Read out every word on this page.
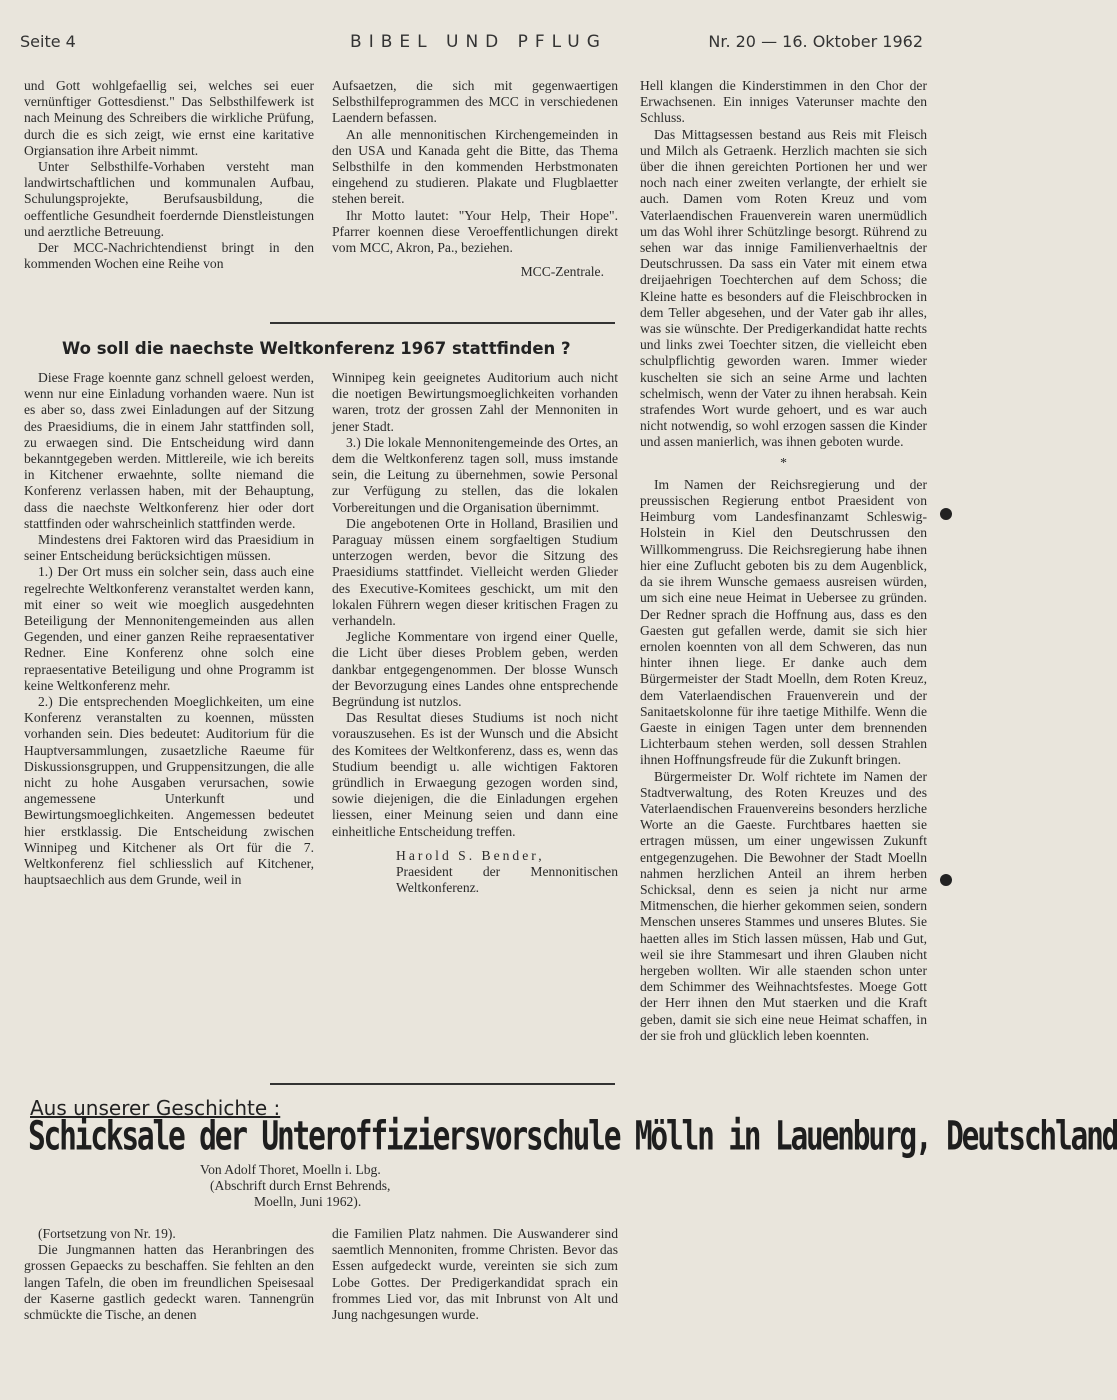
Seite 4	BIBEL UND PFLUG	Nr. 20 — 16. Oktober 1962

und Gott wohlgefaellig sei, welches sei euer vernünftiger Gottesdienst." Das Selbsthilfewerk ist nach Meinung des Schreibers die wirkliche Prüfung, durch die es sich zeigt, wie ernst eine karitative Orgiansation ihre Arbeit nimmt.

Unter Selbsthilfe-Vorhaben versteht man landwirtschaftlichen und kommunalen Aufbau, Schulungsprojekte, Berufsausbildung, die oeffentliche Gesundheit foerdernde Dienstleistungen und aerztliche Betreuung.

Der MCC-Nachrichtendienst bringt in den kommenden Wochen eine Reihe von

Aufsaetzen, die sich mit gegenwaertigen Selbsthilfeprogrammen des MCC in verschiedenen Laendern befassen.

An alle mennonitischen Kirchengemeinden in den USA und Kanada geht die Bitte, das Thema Selbsthilfe in den kommenden Herbstmonaten eingehend zu studieren. Plakate und Flugblaetter stehen bereit.

Ihr Motto lautet: "Your Help, Their Hope". Pfarrer koennen diese Veroeffentlichungen direkt vom MCC, Akron, Pa., beziehen.

MCC-Zentrale.

Wo soll die naechste Weltkonferenz 1967 stattfinden ?

Diese Frage koennte ganz schnell geloest werden, wenn nur eine Einladung vorhanden waere. Nun ist es aber so, dass zwei Einladungen auf der Sitzung des Praesidiums, die in einem Jahr stattfinden soll, zu erwaegen sind. Die Entscheidung wird dann bekanntgegeben werden. Mittlereile, wie ich bereits in Kitchener erwaehnte, sollte niemand die Konferenz verlassen haben, mit der Behauptung, dass die naechste Weltkonferenz hier oder dort stattfinden oder wahrscheinlich stattfinden werde.

Mindestens drei Faktoren wird das Praesidium in seiner Entscheidung berücksichtigen müssen.

1.) Der Ort muss ein solcher sein, dass auch eine regelrechte Weltkonferenz veranstaltet werden kann, mit einer so weit wie moeglich ausgedehnten Beteiligung der Mennonitengemeinden aus allen Gegenden, und einer ganzen Reihe repraesentativer Redner. Eine Konferenz ohne solch eine repraesentative Beteiligung und ohne Programm ist keine Weltkonferenz mehr.

2.) Die entsprechenden Moeglichkeiten, um eine Konferenz veranstalten zu koennen, müssten vorhanden sein. Dies bedeutet: Auditorium für die Hauptversammlungen, zusaetzliche Raeume für Diskussionsgruppen, und Gruppensitzungen, die alle nicht zu hohe Ausgaben verursachen, sowie angemessene Unterkunft und Bewirtungsmoeglichkeiten. Angemessen bedeutet hier erstklassig. Die Entscheidung zwischen Winnipeg und Kitchener als Ort für die 7. Weltkonferenz fiel schliesslich auf Kitchener, hauptsaechlich aus dem Grunde, weil in

Winnipeg kein geeignetes Auditorium auch nicht die noetigen Bewirtungsmoeglichkeiten vorhanden waren, trotz der grossen Zahl der Mennoniten in jener Stadt.

3.) Die lokale Mennonitengemeinde des Ortes, an dem die Weltkonferenz tagen soll, muss imstande sein, die Leitung zu übernehmen, sowie Personal zur Verfügung zu stellen, das die lokalen Vorbereitungen und die Organisation übernimmt.

Die angebotenen Orte in Holland, Brasilien und Paraguay müssen einem sorgfaeltigen Studium unterzogen werden, bevor die Sitzung des Praesidiums stattfindet. Vielleicht werden Glieder des Executive-Komitees geschickt, um mit den lokalen Führern wegen dieser kritischen Fragen zu verhandeln.

Jegliche Kommentare von irgend einer Quelle, die Licht über dieses Problem geben, werden dankbar entgegengenommen. Der blosse Wunsch der Bevorzugung eines Landes ohne entsprechende Begründung ist nutzlos.

Das Resultat dieses Studiums ist noch nicht vorauszusehen. Es ist der Wunsch und die Absicht des Komitees der Weltkonferenz, dass es, wenn das Studium beendigt u. alle wichtigen Faktoren gründlich in Erwaegung gezogen worden sind, sowie diejenigen, die die Einladungen ergehen liessen, einer Meinung seien und dann eine einheitliche Entscheidung treffen.

Harold S. Bender,

Praesident der Mennonitischen Weltkonferenz.

Aus unserer Geschichte :
Schicksale der Unteroffiziersvorschule Mölln in Lauenburg, Deutschland
Von Adolf Thoret, Moelln i. Lbg.
(Abschrift durch Ernst Behrends,
Moelln, Juni 1962).

(Fortsetzung von Nr. 19).

Die Jungmannen hatten das Heranbringen des grossen Gepaecks zu beschaffen. Sie fehlten an den langen Tafeln, die oben im freundlichen Speisesaal der Kaserne gastlich gedeckt waren. Tannengrün schmückte die Tische, an denen

die Familien Platz nahmen. Die Auswanderer sind saemtlich Mennoniten, fromme Christen. Bevor das Essen aufgedeckt wurde, vereinten sie sich zum Lobe Gottes. Der Predigerkandidat sprach ein frommes Lied vor, das mit Inbrunst von Alt und Jung nachgesungen wurde.

Hell klangen die Kinderstimmen in den Chor der Erwachsenen. Ein inniges Vaterunser machte den Schluss.

Das Mittagsessen bestand aus Reis mit Fleisch und Milch als Getraenk. Herzlich machten sie sich über die ihnen gereichten Portionen her und wer noch nach einer zweiten verlangte, der erhielt sie auch. Damen vom Roten Kreuz und vom Vaterlaendischen Frauenverein waren unermüdlich um das Wohl ihrer Schützlinge besorgt. Rührend zu sehen war das innige Familienverhaeltnis der Deutschrussen. Da sass ein Vater mit einem etwa dreijaehrigen Toechterchen auf dem Schoss; die Kleine hatte es besonders auf die Fleischbrocken in dem Teller abgesehen, und der Vater gab ihr alles, was sie wünschte. Der Predigerkandidat hatte rechts und links zwei Toechter sitzen, die vielleicht eben schulpflichtig geworden waren. Immer wieder kuschelten sie sich an seine Arme und lachten schelmisch, wenn der Vater zu ihnen herabsah. Kein strafendes Wort wurde gehoert, und es war auch nicht notwendig, so wohl erzogen sassen die Kinder und assen manierlich, was ihnen geboten wurde.

*

Im Namen der Reichsregierung und der preussischen Regierung entbot Praesident von Heimburg vom Landesfinanzamt Schleswig-Holstein in Kiel den Deutschrussen den Willkommengruss. Die Reichsregierung habe ihnen hier eine Zuflucht geboten bis zu dem Augenblick, da sie ihrem Wunsche gemaess ausreisen würden, um sich eine neue Heimat in Uebersee zu gründen. Der Redner sprach die Hoffnung aus, dass es den Gaesten gut gefallen werde, damit sie sich hier ernolen koennten von all dem Schweren, das nun hinter ihnen liege. Er danke auch dem Bürgermeister der Stadt Moelln, dem Roten Kreuz, dem Vaterlaendischen Frauenverein und der Sanitaetskolonne für ihre taetige Mithilfe. Wenn die Gaeste in einigen Tagen unter dem brennenden Lichterbaum stehen werden, soll dessen Strahlen ihnen Hoffnungsfreude für die Zukunft bringen.

Bürgermeister Dr. Wolf richtete im Namen der Stadtverwaltung, des Roten Kreuzes und des Vaterlaendischen Frauenvereins besonders herzliche Worte an die Gaeste. Furchtbares haetten sie ertragen müssen, um einer ungewissen Zukunft entgegenzugehen. Die Bewohner der Stadt Moelln nahmen herzlichen Anteil an ihrem herben Schicksal, denn es seien ja nicht nur arme Mitmenschen, die hierher gekommen seien, sondern Menschen unseres Stammes und unseres Blutes. Sie haetten alles im Stich lassen müssen, Hab und Gut, weil sie ihre Stammesart und ihren Glauben nicht hergeben wollten. Wir alle staenden schon unter dem Schimmer des Weihnachtsfestes. Moege Gott der Herr ihnen den Mut staerken und die Kraft geben, damit sie sich eine neue Heimat schaffen, in der sie froh und glücklich leben koennten.
